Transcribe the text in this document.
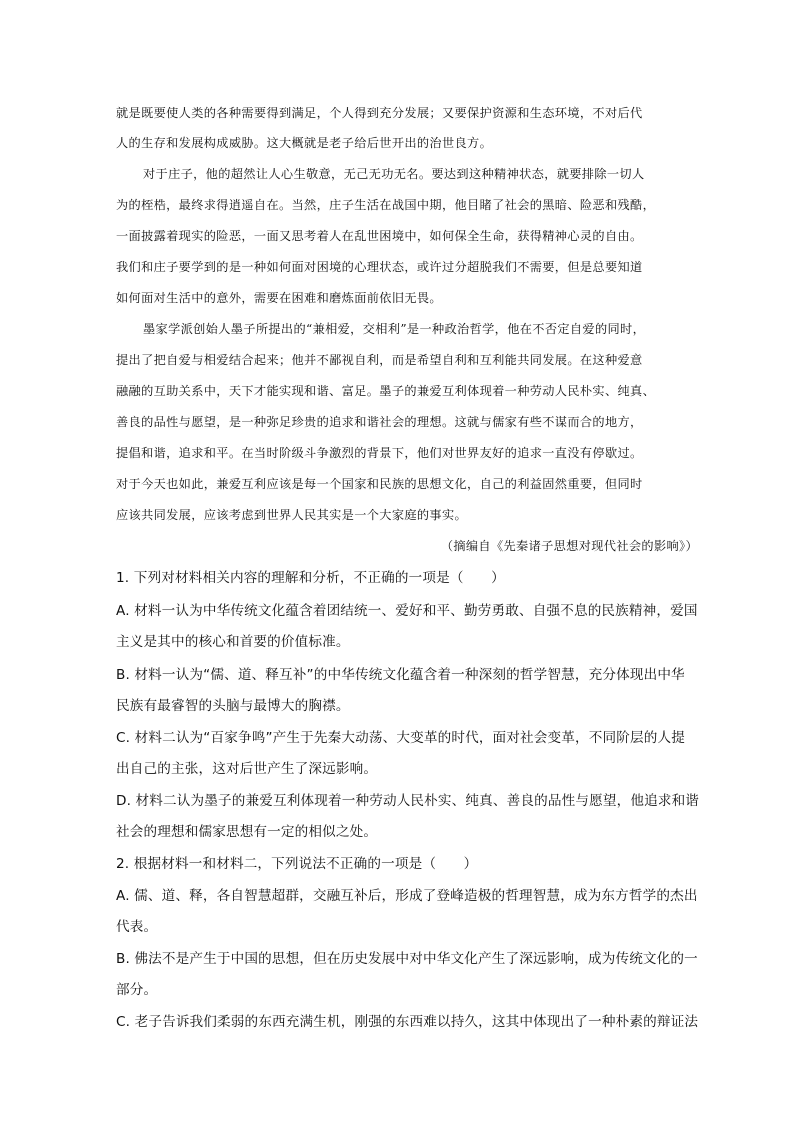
就是既要使人类的各种需要得到满足，个人得到充分发展；又要保护资源和生态环境，不对后代
人的生存和发展构成威胁。这大概就是老子给后世开出的治世良方。
对于庄子，他的超然让人心生敬意，无己无功无名。要达到这种精神状态，就要排除一切人
为的桎梏，最终求得逍遥自在。当然，庄子生活在战国中期，他目睹了社会的黑暗、险恶和残酷，
一面披露着现实的险恶，一面又思考着人在乱世困境中，如何保全生命，获得精神心灵的自由。
我们和庄子要学到的是一种如何面对困境的心理状态，或许过分超脱我们不需要，但是总要知道
如何面对生活中的意外，需要在困难和磨炼面前依旧无畏。
墨家学派创始人墨子所提出的“兼相爱，交相利”是一种政治哲学，他在不否定自爱的同时，
提出了把自爱与相爱结合起来；他并不鄙视自利，而是希望自利和互利能共同发展。在这种爱意
融融的互助关系中，天下才能实现和谐、富足。墨子的兼爱互利体现着一种劳动人民朴实、纯真、
善良的品性与愿望，是一种弥足珍贵的追求和谐社会的理想。这就与儒家有些不谋而合的地方，
提倡和谐，追求和平。在当时阶级斗争激烈的背景下，他们对世界友好的追求一直没有停歇过。
对于今天也如此，兼爱互利应该是每一个国家和民族的思想文化，自己的利益固然重要，但同时
应该共同发展，应该考虑到世界人民其实是一个大家庭的事实。
（摘编自《先秦诸子思想对现代社会的影响》）
1. 下列对材料相关内容的理解和分析，不正确的一项是（　　）
A. 材料一认为中华传统文化蕴含着团结统一、爱好和平、勤劳勇敢、自强不息的民族精神，爱国
主义是其中的核心和首要的价值标准。
B. 材料一认为“儒、道、释互补”的中华传统文化蕴含着一种深刻的哲学智慧，充分体现出中华
民族有最睿智的头脑与最博大的胸襟。
C. 材料二认为“百家争鸣”产生于先秦大动荡、大变革的时代，面对社会变革，不同阶层的人提
出自己的主张，这对后世产生了深远影响。
D. 材料二认为墨子的兼爱互利体现着一种劳动人民朴实、纯真、善良的品性与愿望，他追求和谐
社会的理想和儒家思想有一定的相似之处。
2. 根据材料一和材料二，下列说法不正确的一项是（　　）
A. 儒、道、释，各自智慧超群，交融互补后，形成了登峰造极的哲理智慧，成为东方哲学的杰出
代表。
B. 佛法不是产生于中国的思想，但在历史发展中对中华文化产生了深远影响，成为传统文化的一
部分。
C. 老子告诉我们柔弱的东西充满生机，刚强的东西难以持久，这其中体现出了一种朴素的辩证法
